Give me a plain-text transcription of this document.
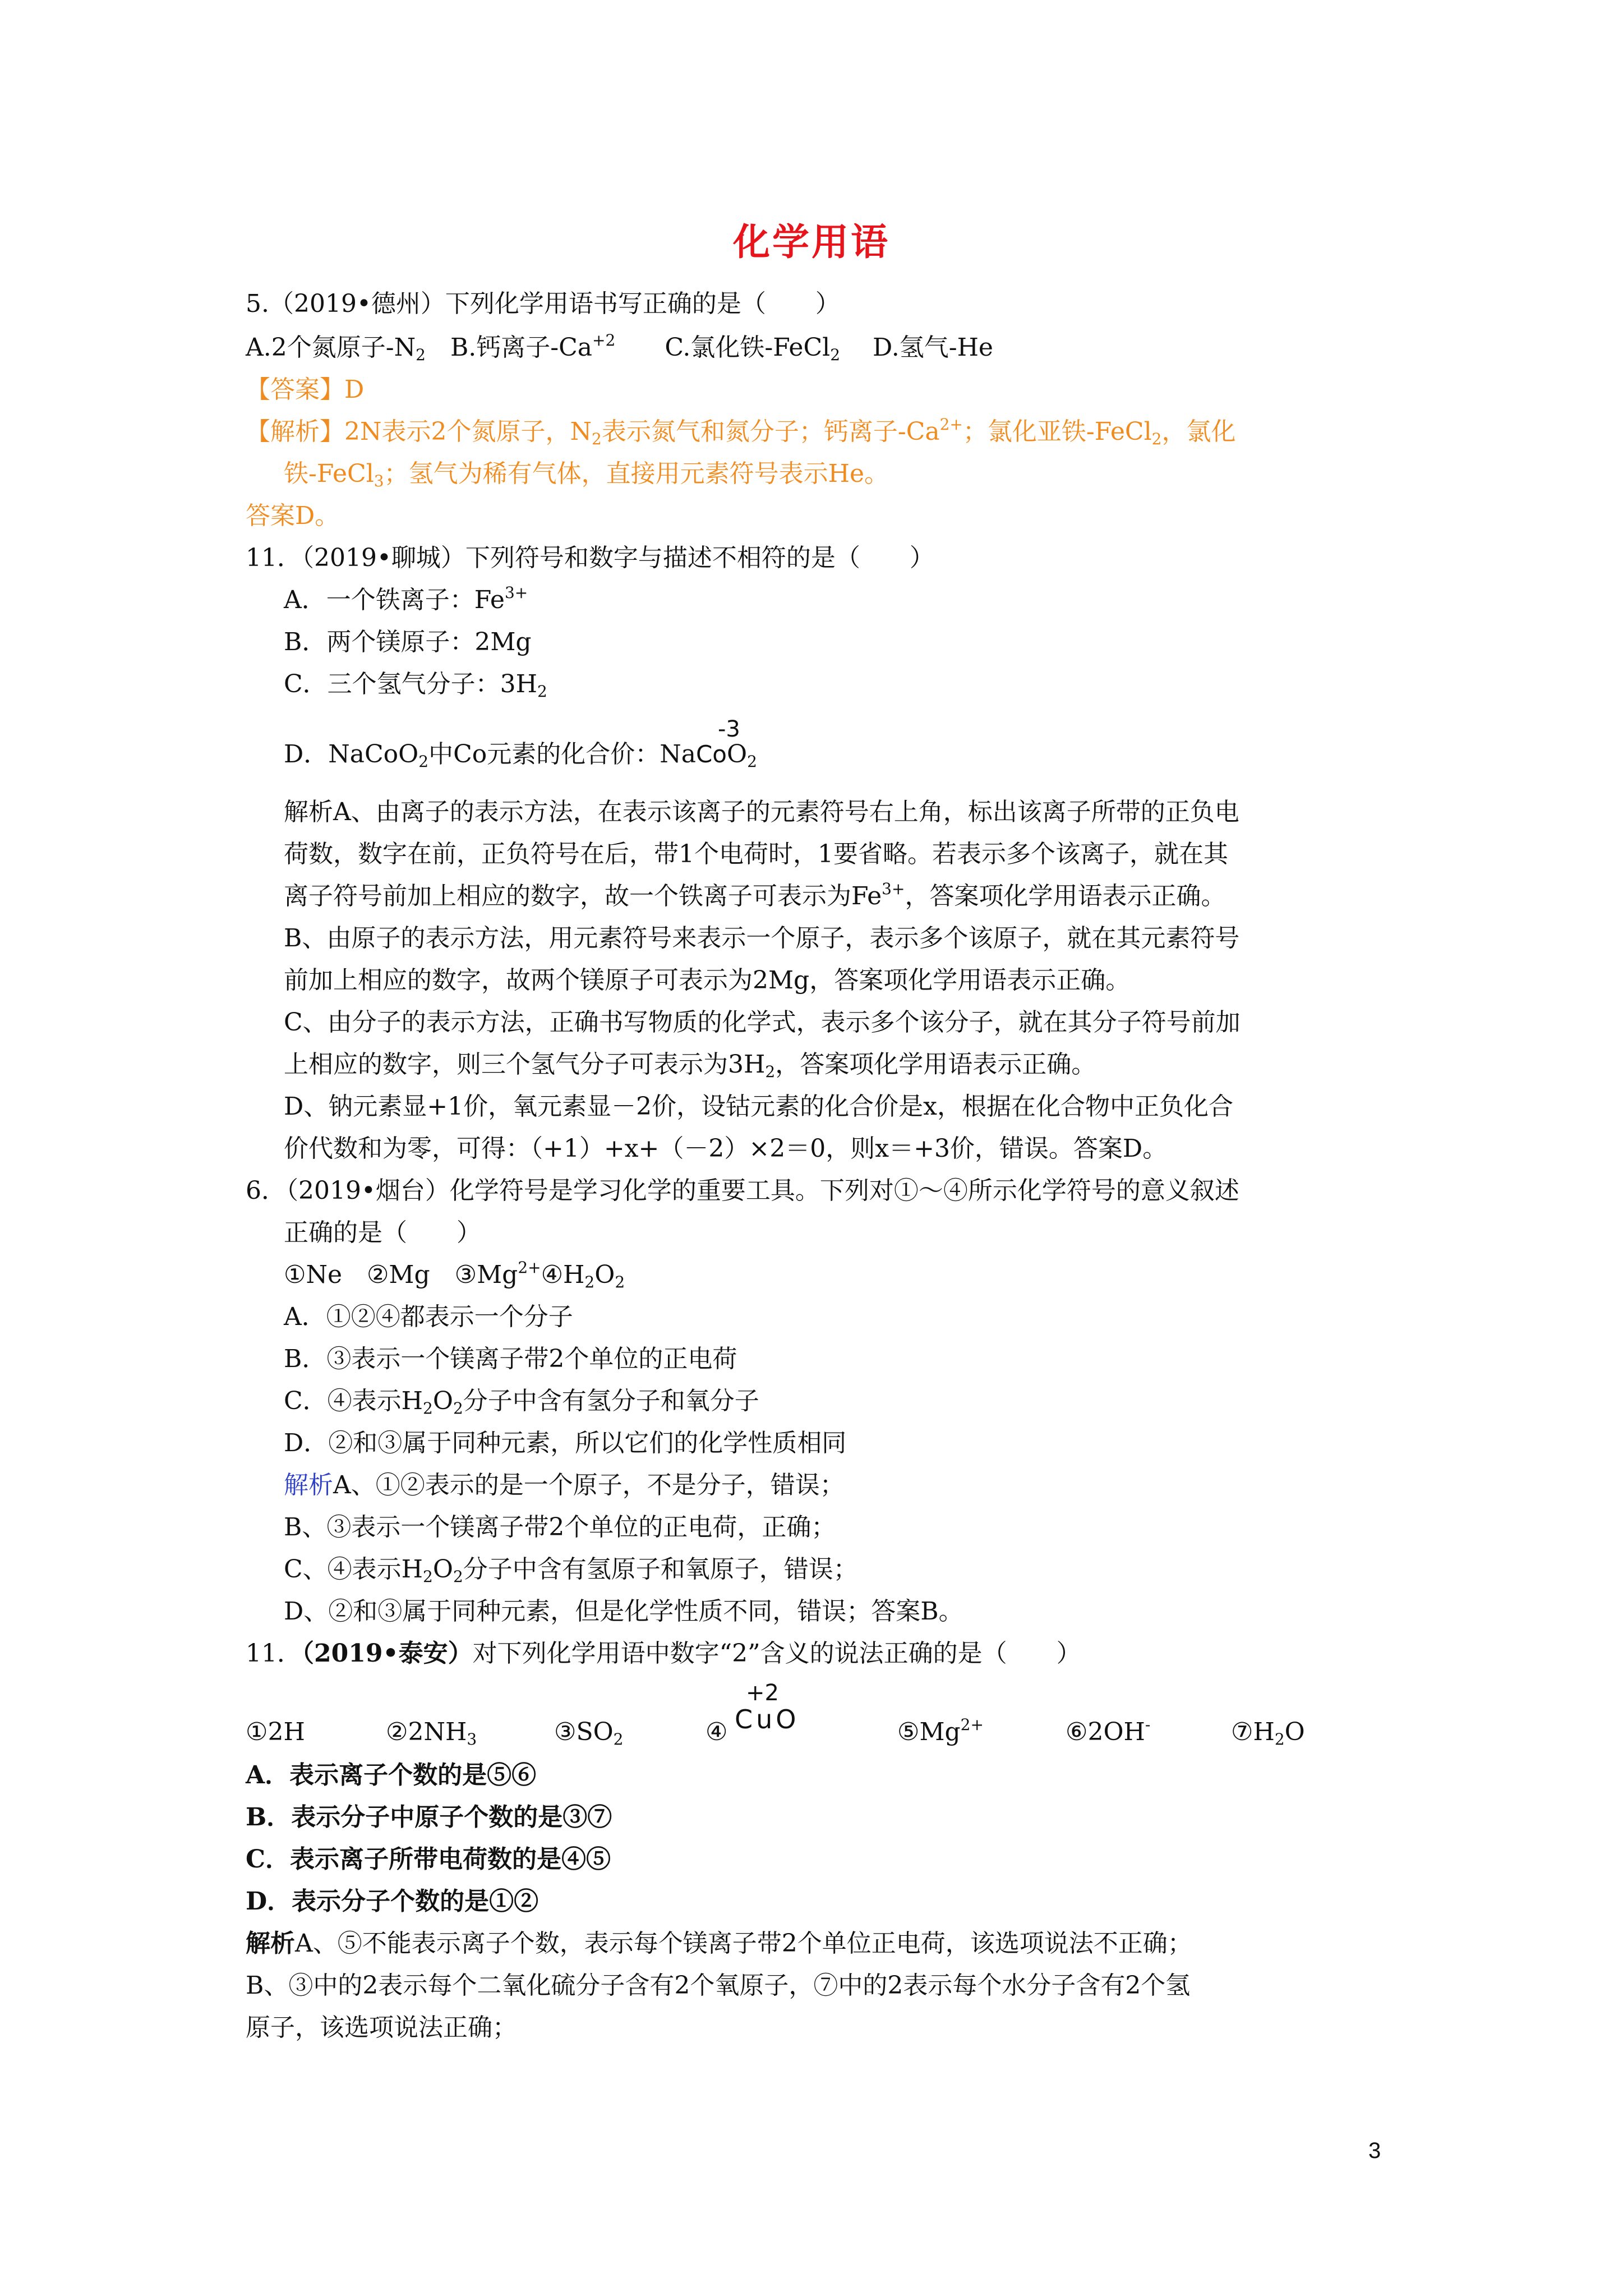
化学用语
5.（2019•德州）下列化学用语书写正确的是（　　）
A.2个氮原子$-N_2$　B.钙离子$-Ca^{+2}$　　C.氯化铁-FeCl$_2$　 D.氢气-He
【答案】D
【解析】2N表示2个氮原子，$N_2$表示氮气和氮分子；钙离子$-Ca^{2+}$；氯化亚铁-FeCl$_2$，氯化
铁-FeCl$_3$；氢气为稀有气体，直接用元素符号表示He。
答案D。
11．（2019•聊城）下列符号和数字与描述不相符的是（　　）
A．一个铁离子：$Fe^{3+}$
B．两个镁原子：2Mg
C．三个氢气分子：$3H_2$
-3
D．NaCoO$_2$中Co元素的化合价：NaCoO$_2$
解析A、由离子的表示方法，在表示该离子的元素符号右上角，标出该离子所带的正负电
荷数，数字在前，正负符号在后，带1个电荷时，1要省略。若表示多个该离子，就在其
离子符号前加上相应的数字，故一个铁离子可表示为$Fe^{3+}$，答案项化学用语表示正确。
B、由原子的表示方法，用元素符号来表示一个原子，表示多个该原子，就在其元素符号
前加上相应的数字，故两个镁原子可表示为2Mg，答案项化学用语表示正确。
C、由分子的表示方法，正确书写物质的化学式，表示多个该分子，就在其分子符号前加
上相应的数字，则三个氢气分子可表示为$3H_2$，答案项化学用语表示正确。
D、钠元素显+1价，氧元素显－2价，设钴元素的化合价是x，根据在化合物中正负化合
价代数和为零，可得：（+1）+x+（－2）×2＝0，则x＝+3价，错误。答案D。
6．（2019•烟台）化学符号是学习化学的重要工具。下列对①～④所示化学符号的意义叙述
正确的是（　　）
①Ne　②Mg　$③Mg^{2+}④H_2O_2$
A．①②④都表示一个分子
B．③表示一个镁离子带2个单位的正电荷
C．④表示$H_2O_2$分子中含有氢分子和氧分子
D．②和③属于同种元素，所以它们的化学性质相同
解析A、①②表示的是一个原子，不是分子，错误；
B、③表示一个镁离子带2个单位的正电荷，正确；
C、④表示$H_2O_2$分子中含有氢原子和氧原子，错误；
D、②和③属于同种元素，但是化学性质不同，错误；答案B。
11．（2019•泰安）对下列化学用语中数字“2”含义的说法正确的是（　　）
①2H	$②2NH_3$	$③SO_2$	④
+2
CuO	$⑤Mg^{2+}$	⑥2OH-	$⑦H_2O$
A．表示离子个数的是⑤⑥
B．表示分子中原子个数的是③⑦
C．表示离子所带电荷数的是④⑤
D．表示分子个数的是①②
解析A、⑤不能表示离子个数，表示每个镁离子带2个单位正电荷，该选项说法不正确；
B、③中的2表示每个二氧化硫分子含有2个氧原子，⑦中的2表示每个水分子含有2个氢
原子，该选项说法正确；
3
